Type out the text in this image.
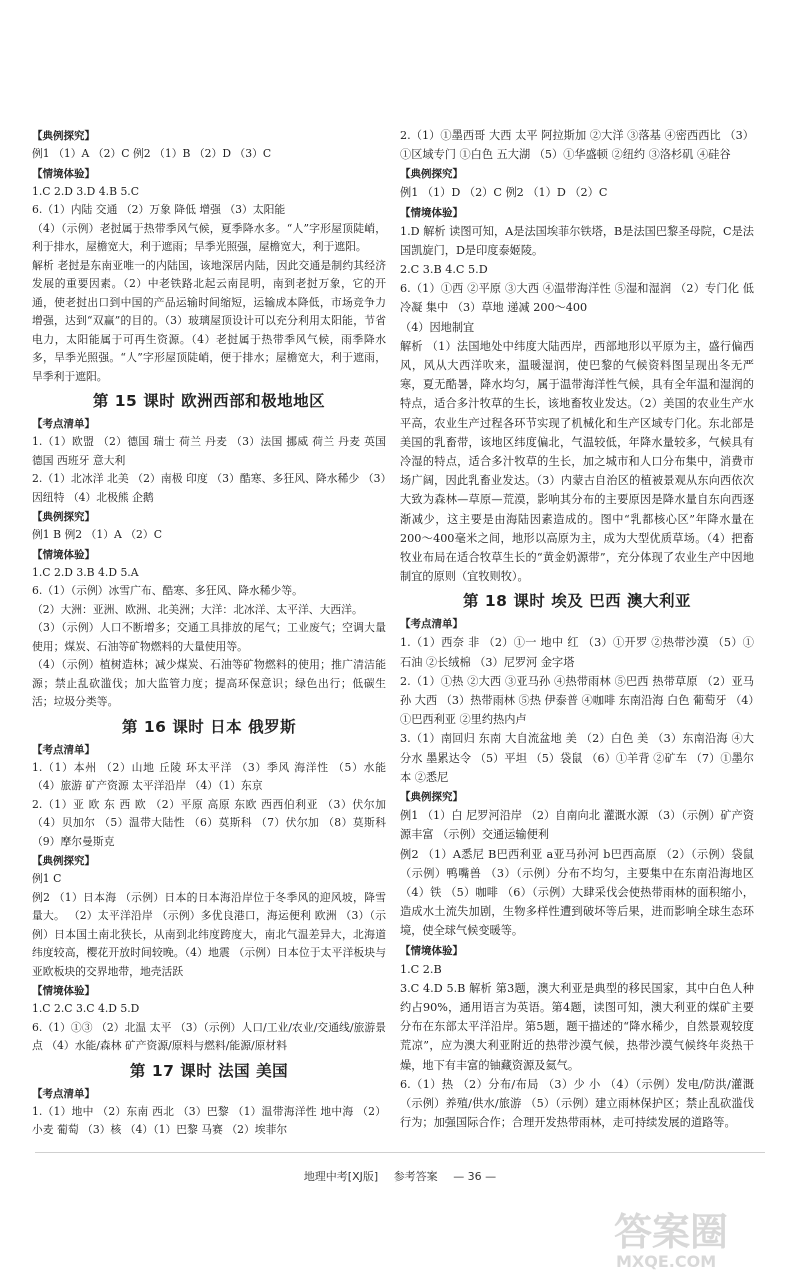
【 典例探究 】
例1 （1）A （2）C 例2 （1）B （2）D （3）C
【 情境体验 】
1.C 2.D 3.D 4.B 5.C
6.（1）内陆 交通 （2）万象 降低 增强 （3）太阳能
（4）（示例）老挝属于热带季风气候，夏季降水多。“人”字形屋顶陡峭，利于排水，屋檐宽大，利于遮雨；旱季光照强，屋檐宽大，利于遮阳。
解析 老挝是东南亚唯一的内陆国，该地深居内陆，因此交通是制约其经济发展的重要因素。（2）中老铁路北起云南昆明，南到老挝万象，它的开通，使老挝出口到中国的产品运输时间缩短，运输成本降低，市场竞争力增强，达到“双赢”的目的。（3）玻璃屋顶设计可以充分利用太阳能，节省电力，太阳能属于可再生资源。（4）老挝属于热带季风气候，雨季降水多，旱季光照强。“人”字形屋顶陡峭，便于排水；屋檐宽大，利于遮雨，旱季利于遮阳。
第 15 课时 欧洲西部和极地地区
【 考点清单 】
1.（1）欧盟 （2）德国 瑞士 荷兰 丹麦 （3）法国 挪威 荷兰 丹麦 英国 德国 西班牙 意大利
2.（1）北冰洋 北美 （2）南极 印度 （3）酷寒、多狂风、降水稀少 （3）因纽特 （4）北极熊 企鹅
【 典例探究 】
例1 B 例2 （1）A （2）C
【 情境体验 】
1.C 2.D 3.B 4.D 5.A
6.（1）（示例）冰雪广布、酷寒、多狂风、降水稀少等。
（2）大洲：亚洲、欧洲、北美洲；大洋：北冰洋、太平洋、大西洋。
（3）（示例）人口不断增多；交通工具排放的尾气；工业废气；空调大量使用；煤炭、石油等矿物燃料的大量使用等。
（4）（示例）植树造林；减少煤炭、石油等矿物燃料的使用；推广清洁能源；禁止乱砍滥伐；加大监管力度；提高环保意识；绿色出行；低碳生活；垃圾分类等。
第 16 课时 日本 俄罗斯
【 考点清单 】
1.（1）本州 （2）山地 丘陵 环太平洋 （3）季风 海洋性 （5）水能 （4）旅游 矿产资源 太平洋沿岸 （4）（1）东京
2.（1）亚 欧 东 西 欧 （2）平原 高原 东欧 西西伯利亚 （3）伏尔加 （4）贝加尔 （5）温带大陆性 （6）莫斯科 （7）伏尔加 （8）莫斯科 （9）摩尔曼斯克
【 典例探究 】
例1 C
例2 （1）日本海 （示例）日本的日本海沿岸位于冬季风的迎风坡，降雪量大。 （2）太平洋沿岸 （示例）多优良港口，海运便利 欧洲 （3）（示例）日本国土南北狭长，从南到北纬度跨度大，南北气温差异大，北海道纬度较高，樱花开放时间较晚。（4）地震 （示例）日本位于太平洋板块与亚欧板块的交界地带，地壳活跃
【 情境体验 】
1.C 2.C 3.C 4.D 5.D
6.（1）①③ （2）北温 太平 （3）（示例）人口/工业/农业/交通线/旅游景点 （4）水能/森林 矿产资源/原料与燃料/能源/原材料
第 17 课时 法国 美国
【 考点清单 】
1.（1）地中 （2）东南 西北 （3）巴黎 （1）温带海洋性 地中海 （2）小麦 葡萄 （3）核 （4）（1）巴黎 马赛 （2）埃菲尔
2.（1）①墨西哥 大西 太平 阿拉斯加 ②大洋 ③落基 ④密西西比 （3）①区域专门 ①白色 五大湖 （5）①华盛顿 ②纽约 ③洛杉矶 ④硅谷
【 典例探究 】
例1 （1）D （2）C 例2 （1）D （2）C
【 情境体验 】
1.D 解析 读图可知，A是法国埃菲尔铁塔，B是法国巴黎圣母院，C是法国凯旋门，D是印度泰姬陵。
2.C 3.B 4.C 5.D
6.（1）①西 ②平原 ③大西 ④温带海洋性 ⑤湿和湿润 （2）专门化 低 冷凝 集中 （3）草地 递减 200～400
（4）因地制宜
解析 （1）法国地处中纬度大陆西岸，西部地形以平原为主，盛行偏西风，风从大西洋吹来，温暖湿润，使巴黎的气候资料图呈现出冬无严寒，夏无酷暑，降水均匀，属于温带海洋性气候，具有全年温和湿润的特点，适合多汁牧草的生长，该地畜牧业发达。（2）美国的农业生产水平高，农业生产过程各环节实现了机械化和生产区域专门化。东北部是美国的乳畜带，该地区纬度偏北，气温较低，年降水量较多，气候具有冷湿的特点，适合多汁牧草的生长，加之城市和人口分布集中，消费市场广阔，因此乳畜业发达。（3）内蒙古自治区的植被景观从东向西依次大致为森林—草原—荒漠，影响其分布的主要原因是降水量自东向西逐渐减少，这主要是由海陆因素造成的。图中“乳都核心区”年降水量在200～400毫米之间，地形以高原为主，成为大型优质草场。（4）把畜牧业布局在适合牧草生长的“黄金奶源带”，充分体现了农业生产中因地制宜的原则（宜牧则牧）。
第 18 课时 埃及 巴西 澳大利亚
【 考点清单 】
1.（1）西奈 非 （2）①一 地中 红 （3）①开罗 ②热带沙漠 （5）①石油 ②长绒棉 （3）尼罗河 金字塔
2.（1）①热 ②大西 ③亚马孙 ④热带雨林 ⑤巴西 热带草原 （2）亚马孙 大西 （3）热带雨林 ⑤热 伊泰普 ④咖啡 东南沿海 白色 葡萄牙 （4）①巴西利亚 ②里约热内卢
3.（1）南回归 东南 大自流盆地 美 （2）白色 美 （3）东南沿海 ④大分水 墨累达令 （5）平坦 （5）袋鼠 （6）①羊背 ②矿车 （7）①墨尔本 ②悉尼
【 典例探究 】
例1 （1）白 尼罗河沿岸 （2）自南向北 灌溉水源 （3）（示例）矿产资源丰富 （示例）交通运输便利
例2 （1）A悉尼 B巴西利亚 a亚马孙河 b巴西高原 （2）（示例）袋鼠 （示例）鸭嘴兽 （3）（示例）分布不均匀，主要集中在东南沿海地区 （4）铁 （5）咖啡 （6）（示例）大肆采伐会使热带雨林的面积缩小，造成水土流失加剧，生物多样性遭到破坏等后果，进而影响全球生态环境，使全球气候变暖等。
【 情境体验 】
1.C 2.B
3.C 4.D 5.B 解析 第3题，澳大利亚是典型的移民国家，其中白色人种约占90%，通用语言为英语。第4题，读图可知，澳大利亚的煤矿主要分布在东部太平洋沿岸。第5题，题干描述的“降水稀少，自然景观较度荒凉”，应为澳大利亚附近的热带沙漠气候，热带沙漠气候终年炎热干燥，地下有丰富的铀藏资源及氦气。
6.（1）热 （2）分布/布局 （3）少 小 （4）（示例）发电/防洪/灌溉 （示例）养殖/供水/旅游 （5）（示例）建立雨林保护区；禁止乱砍滥伐行为；加强国际合作；合理开发热带雨林，走可持续发展的道路等。
地理中考[XJ版] 参考答案 — 36 —
答案圈
MXQE.COM
